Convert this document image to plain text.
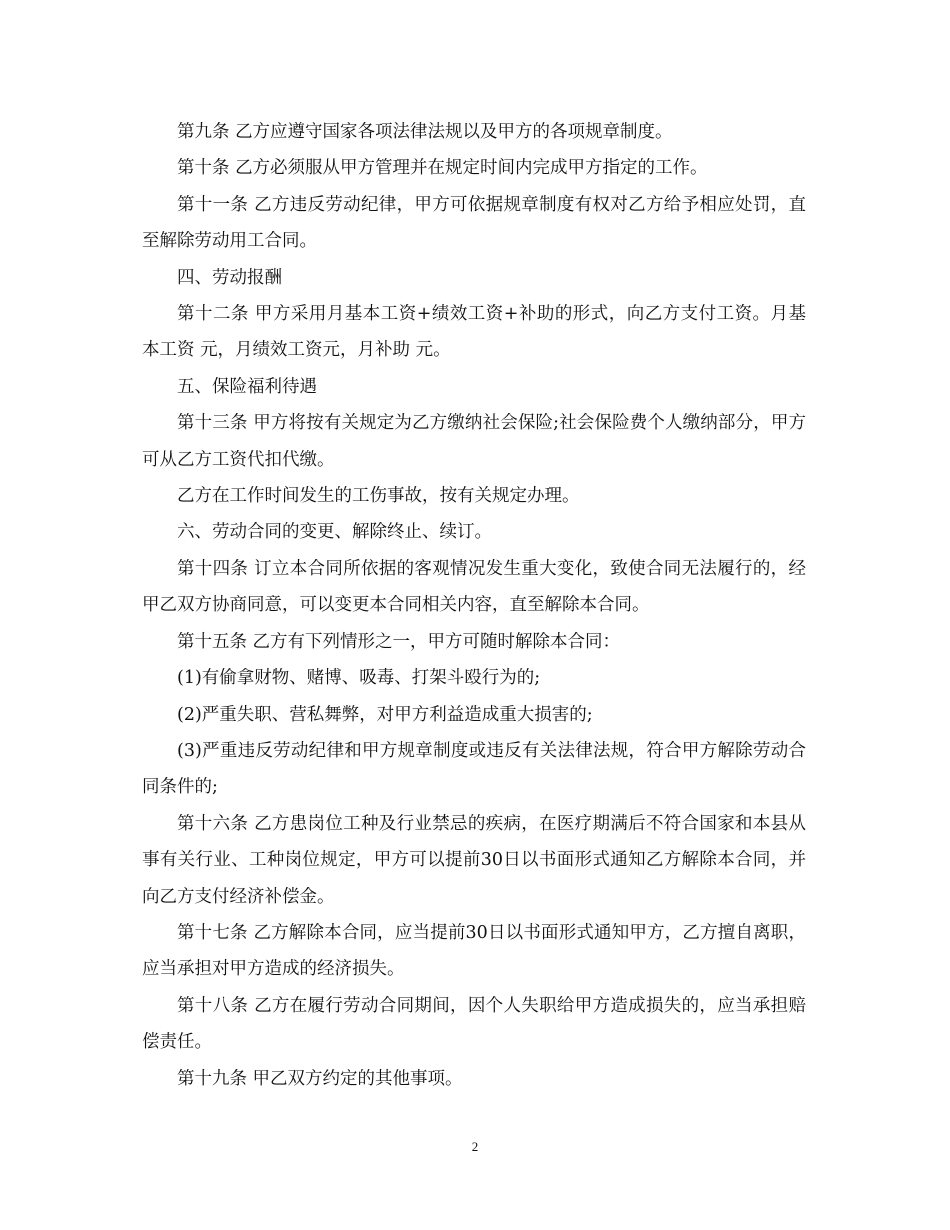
第九条 乙方应遵守国家各项法律法规以及甲方的各项规章制度。

第十条 乙方必须服从甲方管理并在规定时间内完成甲方指定的工作。

第十一条 乙方违反劳动纪律，甲方可依据规章制度有权对乙方给予相应处罚，直至解除劳动用工合同。

四、劳动报酬

第十二条 甲方采用月基本工资+绩效工资+补助的形式，向乙方支付工资。月基本工资 元，月绩效工资元，月补助 元。

五、保险福利待遇

第十三条 甲方将按有关规定为乙方缴纳社会保险;社会保险费个人缴纳部分，甲方可从乙方工资代扣代缴。

乙方在工作时间发生的工伤事故，按有关规定办理。

六、劳动合同的变更、解除终止、续订。

第十四条 订立本合同所依据的客观情况发生重大变化，致使合同无法履行的，经甲乙双方协商同意，可以变更本合同相关内容，直至解除本合同。

第十五条 乙方有下列情形之一，甲方可随时解除本合同：

(1)有偷拿财物、赌博、吸毒、打架斗殴行为的;

(2)严重失职、营私舞弊，对甲方利益造成重大损害的;

(3)严重违反劳动纪律和甲方规章制度或违反有关法律法规，符合甲方解除劳动合同条件的;

第十六条 乙方患岗位工种及行业禁忌的疾病，在医疗期满后不符合国家和本县从事有关行业、工种岗位规定，甲方可以提前30日以书面形式通知乙方解除本合同，并向乙方支付经济补偿金。

第十七条 乙方解除本合同，应当提前30日以书面形式通知甲方，乙方擅自离职，应当承担对甲方造成的经济损失。

第十八条 乙方在履行劳动合同期间，因个人失职给甲方造成损失的，应当承担赔偿责任。

第十九条 甲乙双方约定的其他事项。

2
